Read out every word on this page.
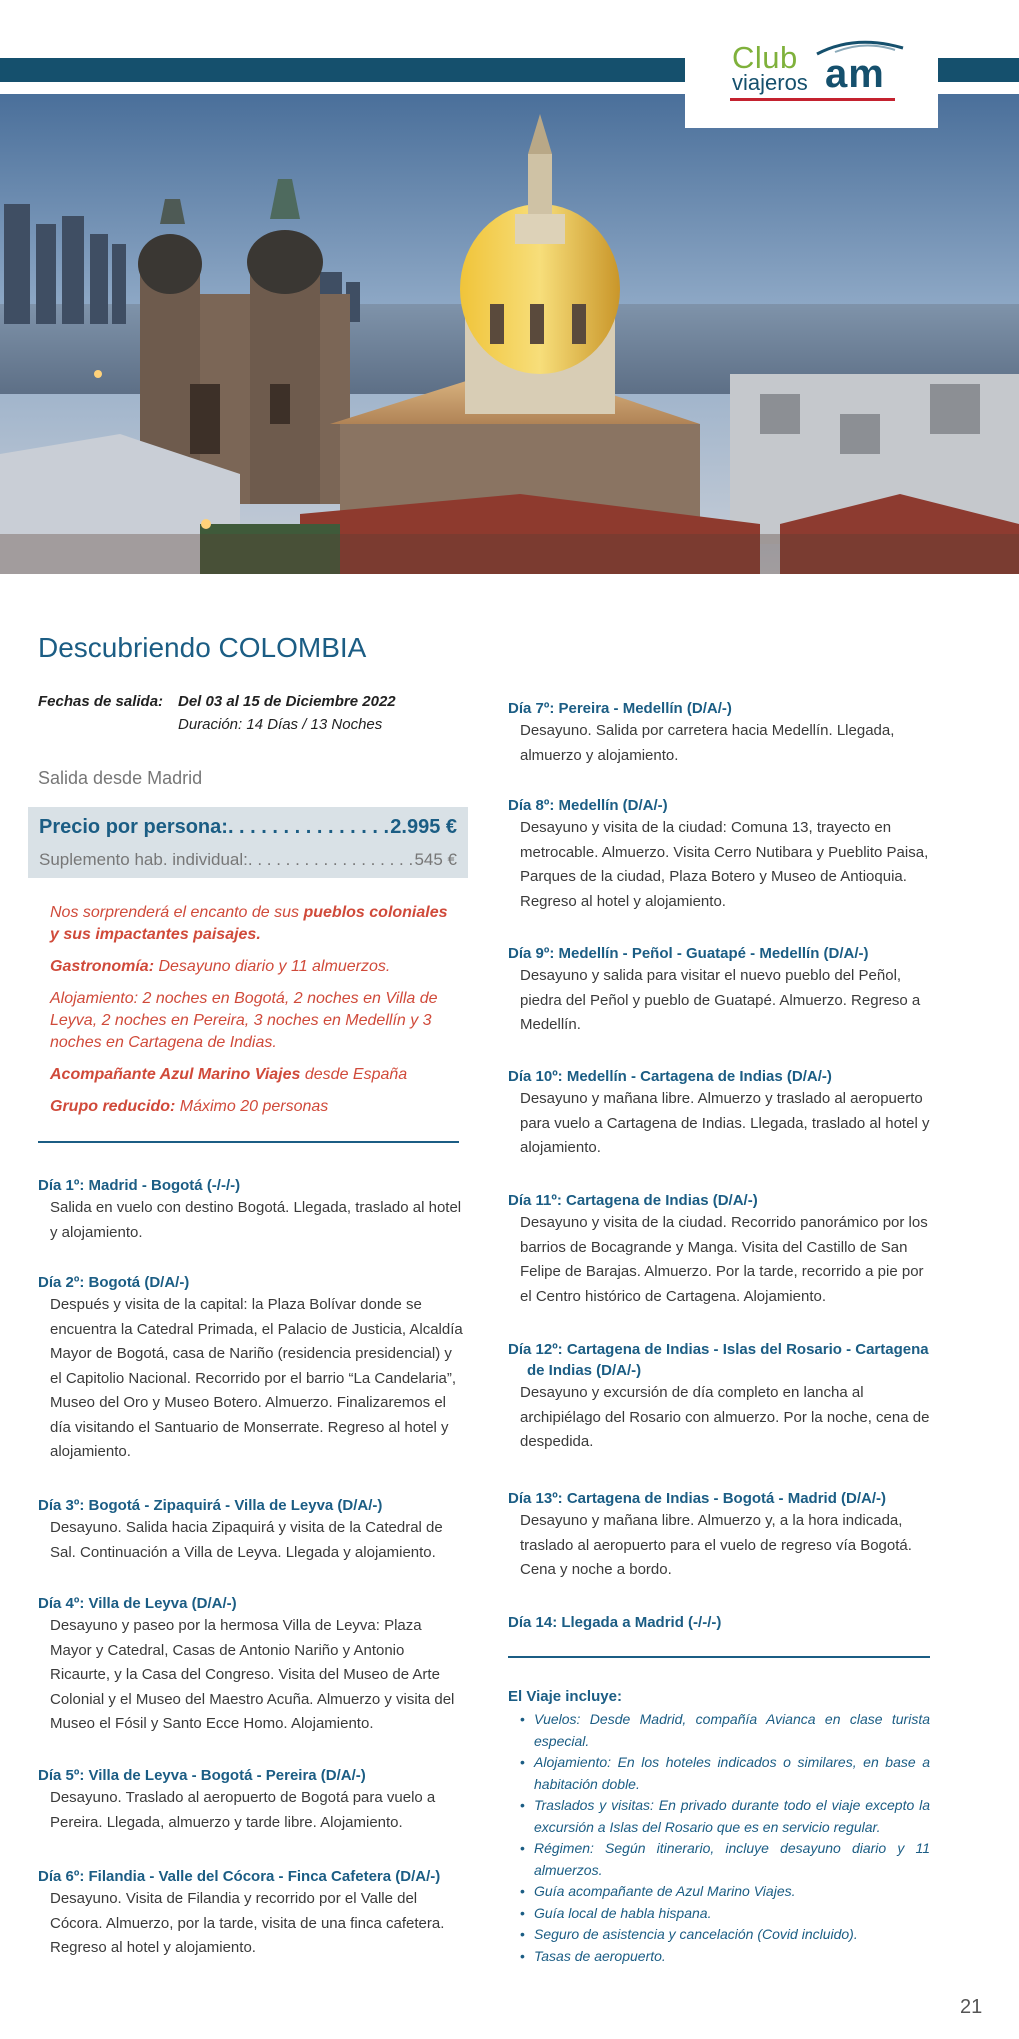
Club
viajeros am
Descubriendo COLOMBIA
Fechas de salida: Del 03 al 15 de Diciembre 2022
Duración: 14 Días / 13 Noches
Salida desde Madrid
Precio por persona: . . .	2.995 €
Suplemento hab. individual: . . .	545 €

Nos sorprenderá el encanto de sus pueblos coloniales y sus impactantes paisajes.

Gastronomía: Desayuno diario y 11 almuerzos.

Alojamiento: 2 noches en Bogotá, 2 noches en Villa de Leyva, 2 noches en Pereira, 3 noches en Medellín y 3 noches en Cartagena de Indias.

Acompañante Azul Marino Viajes desde España

Grupo reducido: Máximo 20 personas

Día 1º: Madrid - Bogotá (-/-/-)

Salida en vuelo con destino Bogotá. Llegada, traslado al hotel y alojamiento.

Día 2º: Bogotá (D/A/-)

Después y visita de la capital: la Plaza Bolívar donde se encuentra la Catedral Primada, el Palacio de Justicia, Alcaldía Mayor de Bogotá, casa de Nariño (residencia presidencial) y el Capitolio Nacional. Recorrido por el barrio “La Candelaria”, Museo del Oro y Museo Botero. Almuerzo. Finalizaremos el día visitando el Santuario de Monserrate. Regreso al hotel y alojamiento.

Día 3º: Bogotá - Zipaquirá - Villa de Leyva (D/A/-)

Desayuno. Salida hacia Zipaquirá y visita de la Catedral de Sal. Continuación a Villa de Leyva. Llegada y alojamiento.

Día 4º: Villa de Leyva (D/A/-)

Desayuno y paseo por la hermosa Villa de Leyva: Plaza Mayor y Catedral, Casas de Antonio Nariño y Antonio Ricaurte, y la Casa del Congreso. Visita del Museo de Arte Colonial y el Museo del Maestro Acuña. Almuerzo y visita del Museo el Fósil y Santo Ecce Homo. Alojamiento.

Día 5º: Villa de Leyva - Bogotá - Pereira (D/A/-)

Desayuno. Traslado al aeropuerto de Bogotá para vuelo a Pereira. Llegada, almuerzo y tarde libre. Alojamiento.

Día 6º: Filandia - Valle del Cócora - Finca Cafetera (D/A/-)

Desayuno. Visita de Filandia y recorrido por el Valle del Cócora. Almuerzo, por la tarde, visita de una finca cafetera. Regreso al hotel y alojamiento.

Día 7º: Pereira - Medellín (D/A/-)

Desayuno. Salida por carretera hacia Medellín. Llegada, almuerzo y alojamiento.

Día 8º: Medellín (D/A/-)

Desayuno y visita de la ciudad: Comuna 13, trayecto en metrocable. Almuerzo. Visita Cerro Nutibara y Pueblito Paisa, Parques de la ciudad, Plaza Botero y Museo de Antioquia. Regreso al hotel y alojamiento.

Día 9º: Medellín - Peñol - Guatapé - Medellín (D/A/-)

Desayuno y salida para visitar el nuevo pueblo del Peñol, piedra del Peñol y pueblo de Guatapé. Almuerzo. Regreso a Medellín.

Día 10º: Medellín - Cartagena de Indias (D/A/-)

Desayuno y mañana libre. Almuerzo y traslado al aeropuerto para vuelo a Cartagena de Indias. Llegada, traslado al hotel y alojamiento.

Día 11º: Cartagena de Indias (D/A/-)

Desayuno y visita de la ciudad. Recorrido panorámico por los barrios de Bocagrande y Manga. Visita del Castillo de San Felipe de Barajas. Almuerzo. Por la tarde, recorrido a pie por el Centro histórico de Cartagena. Alojamiento.

Día 12º: Cartagena de Indias - Islas del Rosario - Cartagena de Indias (D/A/-)

Desayuno y excursión de día completo en lancha al archipiélago del Rosario con almuerzo. Por la noche, cena de despedida.

Día 13º: Cartagena de Indias - Bogotá - Madrid (D/A/-)

Desayuno y mañana libre. Almuerzo y, a la hora indicada, traslado al aeropuerto para el vuelo de regreso vía Bogotá. Cena y noche a bordo.

Día 14: Llegada a Madrid (-/-/-)
El Viaje incluye:
• Vuelos: Desde Madrid, compañía Avianca en clase turista especial.
• Alojamiento: En los hoteles indicados o similares, en base a habitación doble.
• Traslados y visitas: En privado durante todo el viaje excepto la excursión a Islas del Rosario que es en servicio regular.
• Régimen: Según itinerario, incluye desayuno diario y 11 almuerzos.
• Guía acompañante de Azul Marino Viajes.
• Guía local de habla hispana.
• Seguro de asistencia y cancelación (Covid incluido).
• Tasas de aeropuerto.
21
